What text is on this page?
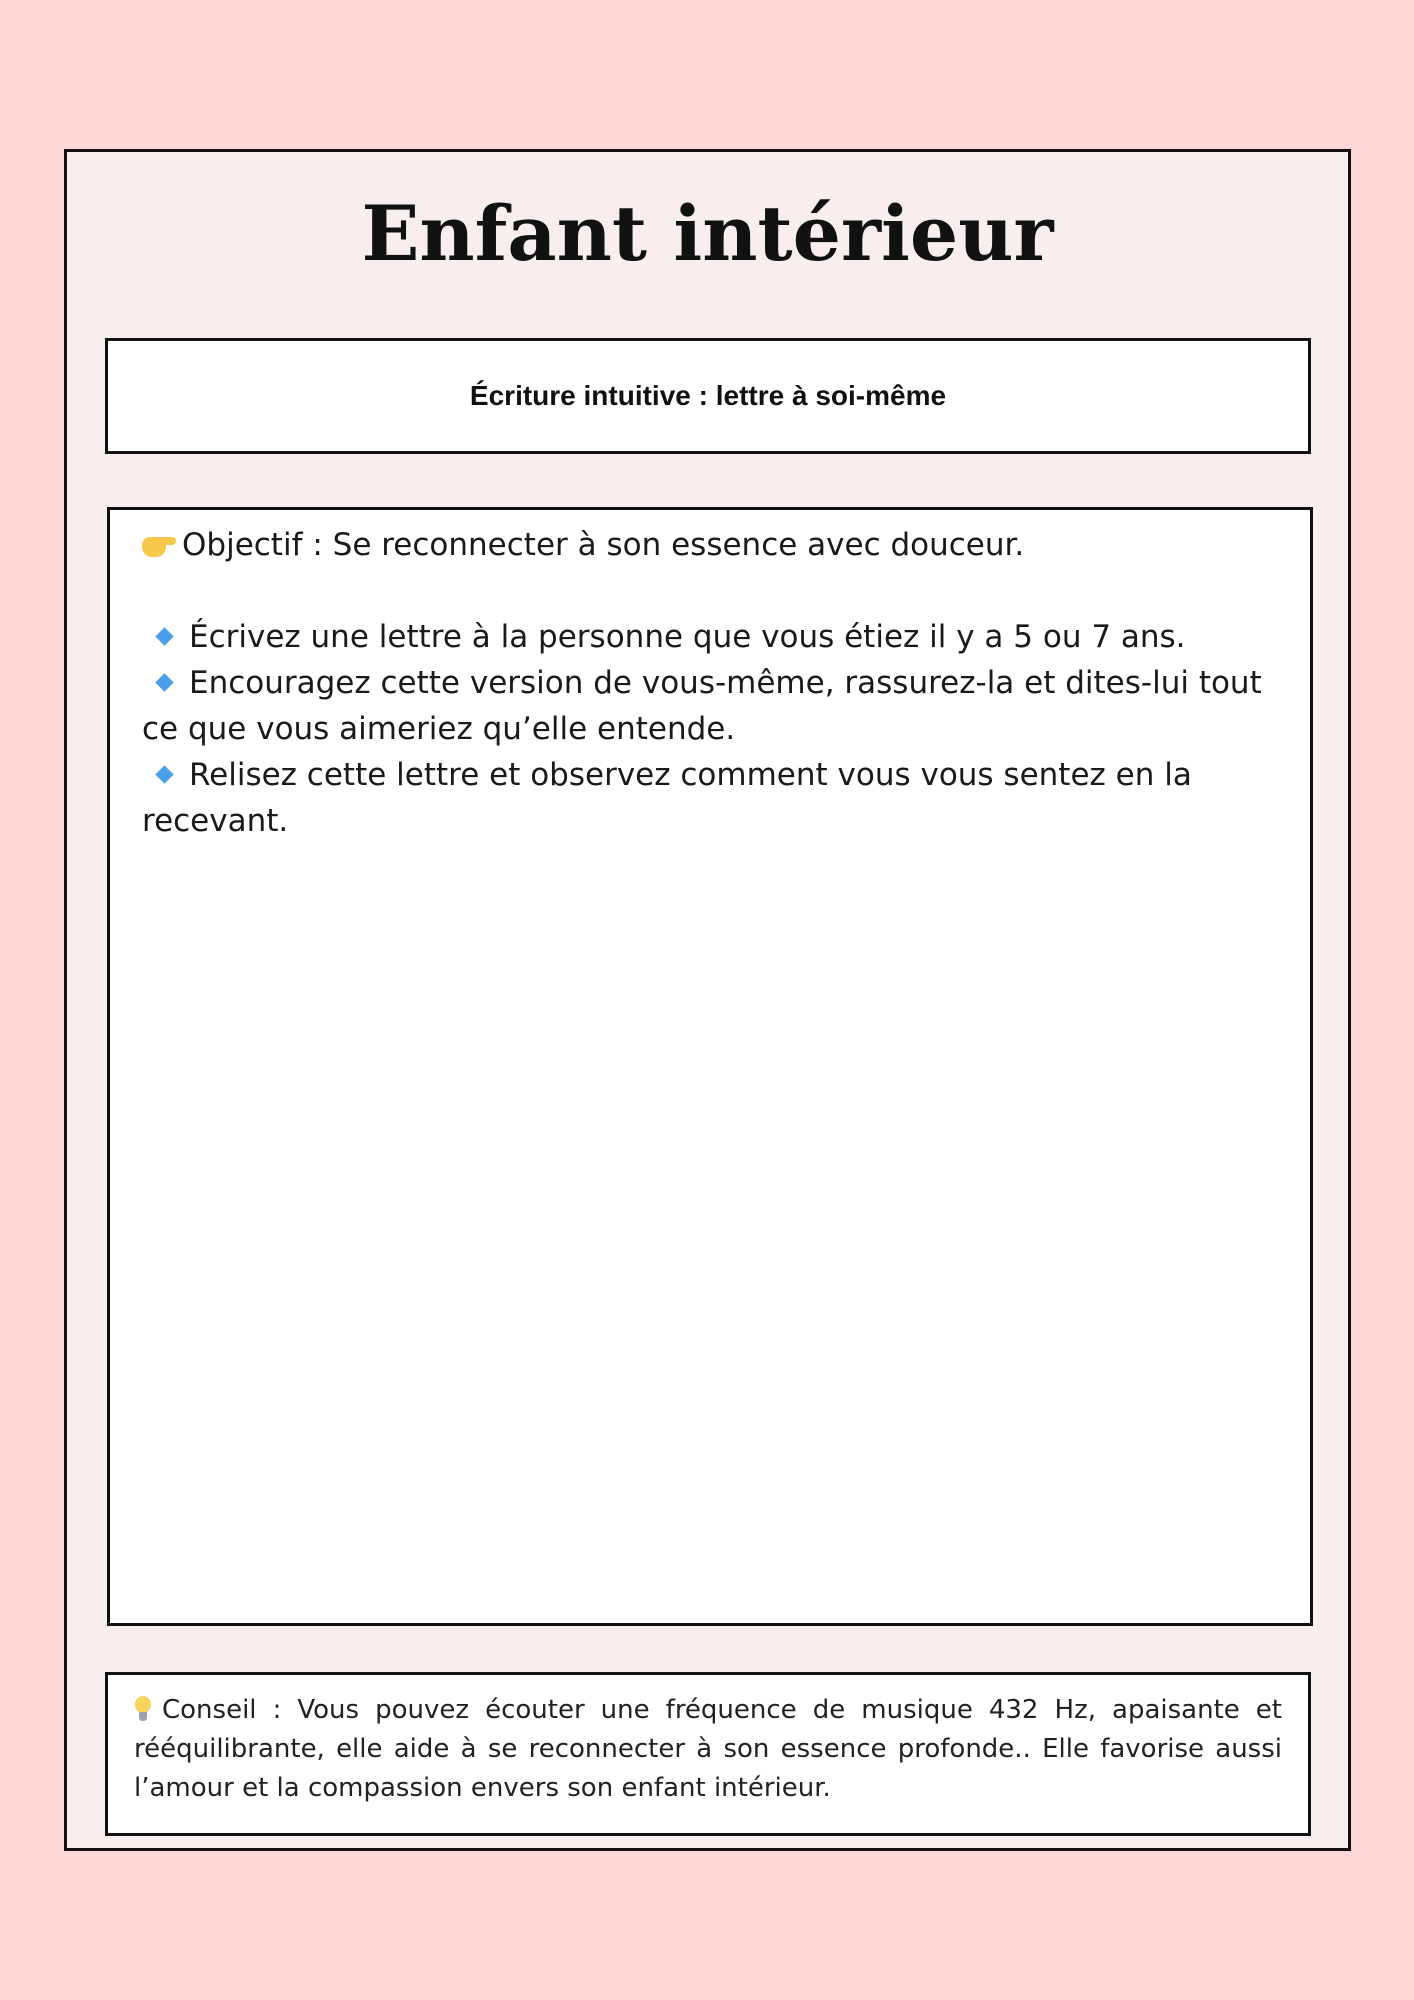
Enfant intérieur
Écriture intuitive : lettre à soi-même

Objectif : Se reconnecter à son essence avec douceur.

Écrivez une lettre à la personne que vous étiez il y a 5 ou 7 ans.

Encouragez cette version de vous-même, rassurez-la et dites-lui tout ce que vous aimeriez qu’elle entende.

Relisez cette lettre et observez comment vous vous sentez en la recevant.

Conseil : Vous pouvez écouter une fréquence de musique 432 Hz, apaisante et rééquilibrante, elle aide à se reconnecter à son essence profonde.. Elle favorise aussi l’amour et la compassion envers son enfant intérieur.
